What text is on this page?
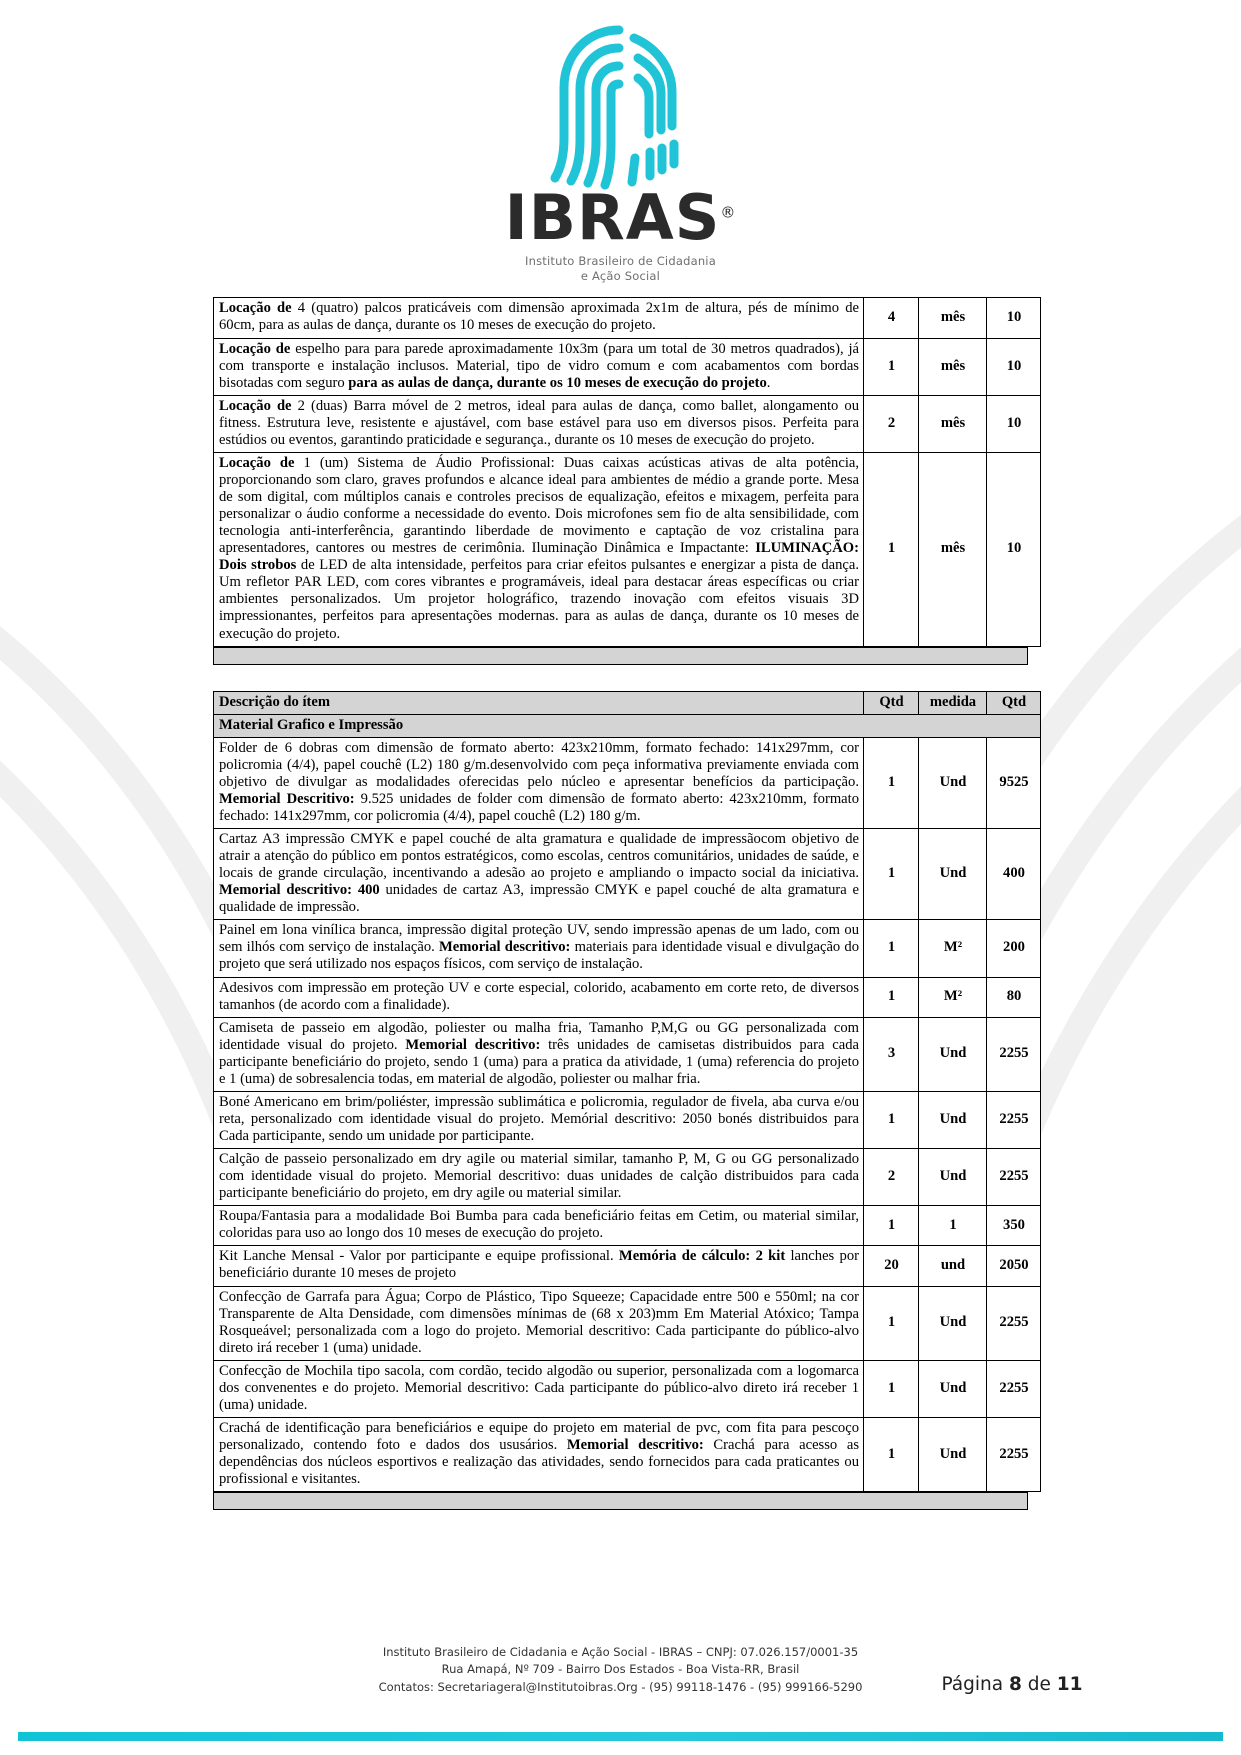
IBRAS®
Instituto Brasileiro de Cidadania
e Ação Social
Locação de 4 (quatro) palcos praticáveis com dimensão aproximada 2x1m de altura, pés de mínimo de 60cm, para as aulas de dança, durante os 10 meses de execução do projeto.	4	mês	10
Locação de espelho para para parede aproximadamente 10x3m (para um total de 30 metros quadrados), já com transporte e instalação inclusos. Material, tipo de vidro comum e com acabamentos com bordas bisotadas com seguro para as aulas de dança, durante os 10 meses de execução do projeto.	1	mês	10
Locação de 2 (duas) Barra móvel de 2 metros, ideal para aulas de dança, como ballet, alongamento ou fitness. Estrutura leve, resistente e ajustável, com base estável para uso em diversos pisos. Perfeita para estúdios ou eventos, garantindo praticidade e segurança., durante os 10 meses de execução do projeto.	2	mês	10
Locação de 1 (um) Sistema de Áudio Profissional: Duas caixas acústicas ativas de alta potência, proporcionando som claro, graves profundos e alcance ideal para ambientes de médio a grande porte. Mesa de som digital, com múltiplos canais e controles precisos de equalização, efeitos e mixagem, perfeita para personalizar o áudio conforme a necessidade do evento. Dois microfones sem fio de alta sensibilidade, com tecnologia anti-interferência, garantindo liberdade de movimento e captação de voz cristalina para apresentadores, cantores ou mestres de cerimônia. Iluminação Dinâmica e Impactante: ILUMINAÇÃO: Dois strobos de LED de alta intensidade, perfeitos para criar efeitos pulsantes e energizar a pista de dança. Um refletor PAR LED, com cores vibrantes e programáveis, ideal para destacar áreas específicas ou criar ambientes personalizados. Um projetor holográfico, trazendo inovação com efeitos visuais 3D impressionantes, perfeitos para apresentações modernas. para as aulas de dança, durante os 10 meses de execução do projeto.	1	mês	10
Descrição do ítem	Qtd	medida	Qtd
Material Grafico e Impressão			
Folder de 6 dobras com dimensão de formato aberto: 423x210mm, formato fechado: 141x297mm, cor policromia (4/4), papel couchê (L2) 180 g/m.desenvolvido com peça informativa previamente enviada com objetivo de divulgar as modalidades oferecidas pelo núcleo e apresentar benefícios da participação. Memorial Descritivo: 9.525 unidades de folder com dimensão de formato aberto: 423x210mm, formato fechado: 141x297mm, cor policromia (4/4), papel couchê (L2) 180 g/m.	1	Und	9525
Cartaz A3 impressão CMYK e papel couché de alta gramatura e qualidade de impressãocom objetivo de atrair a atenção do público em pontos estratégicos, como escolas, centros comunitários, unidades de saúde, e locais de grande circulação, incentivando a adesão ao projeto e ampliando o impacto social da iniciativa. Memorial descritivo: 400 unidades de cartaz A3, impressão CMYK e papel couché de alta gramatura e qualidade de impressão.	1	Und	400
Painel em lona vinílica branca, impressão digital proteção UV, sendo impressão apenas de um lado, com ou sem ilhós com serviço de instalação. Memorial descritivo: materiais para identidade visual e divulgação do projeto que será utilizado nos espaços físicos, com serviço de instalação.	1	M²	200
Adesivos com impressão em proteção UV e corte especial, colorido, acabamento em corte reto, de diversos tamanhos (de acordo com a finalidade).	1	M²	80
Camiseta de passeio em algodão, poliester ou malha fria, Tamanho P,M,G ou GG personalizada com identidade visual do projeto. Memorial descritivo: três unidades de camisetas distribuidos para cada participante beneficiário do projeto, sendo 1 (uma) para a pratica da atividade, 1 (uma) referencia do projeto e 1 (uma) de sobresalencia todas, em material de algodão, poliester ou malhar fria.	3	Und	2255
Boné Americano em brim/poliéster, impressão sublimática e policromia, regulador de fivela, aba curva e/ou reta, personalizado com identidade visual do projeto. Memórial descritivo: 2050 bonés distribuidos para Cada participante, sendo um unidade por participante.	1	Und	2255
Calção de passeio personalizado em dry agile ou material similar, tamanho P, M, G ou GG personalizado com identidade visual do projeto. Memorial descritivo: duas unidades de calção distribuidos para cada participante beneficiário do projeto, em dry agile ou material similar.	2	Und	2255
Roupa/Fantasia para a modalidade Boi Bumba para cada beneficiário feitas em Cetim, ou material similar, coloridas para uso ao longo dos 10 meses de execução do projeto.	1	1	350
Kit Lanche Mensal - Valor por participante e equipe profissional. Memória de cálculo: 2 kit lanches por beneficiário durante 10 meses de projeto	20	und	2050
Confecção de Garrafa para Água; Corpo de Plástico, Tipo Squeeze; Capacidade entre 500 e 550ml; na cor Transparente de Alta Densidade, com dimensões mínimas de (68 x 203)mm Em Material Atóxico; Tampa Rosqueável; personalizada com a logo do projeto. Memorial descritivo: Cada participante do público-alvo direto irá receber 1 (uma) unidade.	1	Und	2255
Confecção de Mochila tipo sacola, com cordão, tecido algodão ou superior, personalizada com a logomarca dos convenentes e do projeto. Memorial descritivo: Cada participante do público-alvo direto irá receber 1 (uma) unidade.	1	Und	2255
Crachá de identificação para beneficiários e equipe do projeto em material de pvc, com fita para pescoço personalizado, contendo foto e dados dos ususários. Memorial descritivo: Crachá para acesso as dependências dos núcleos esportivos e realização das atividades, sendo fornecidos para cada praticantes ou profissional e visitantes.	1	Und	2255
Instituto Brasileiro de Cidadania e Ação Social - IBRAS – CNPJ: 07.026.157/0001-35
Rua Amapá, Nº 709 - Bairro Dos Estados - Boa Vista-RR, Brasil
Contatos: Secretariageral@Institutoibras.Org - (95) 99118-1476 - (95) 999166-5290	Página 8 de 11
